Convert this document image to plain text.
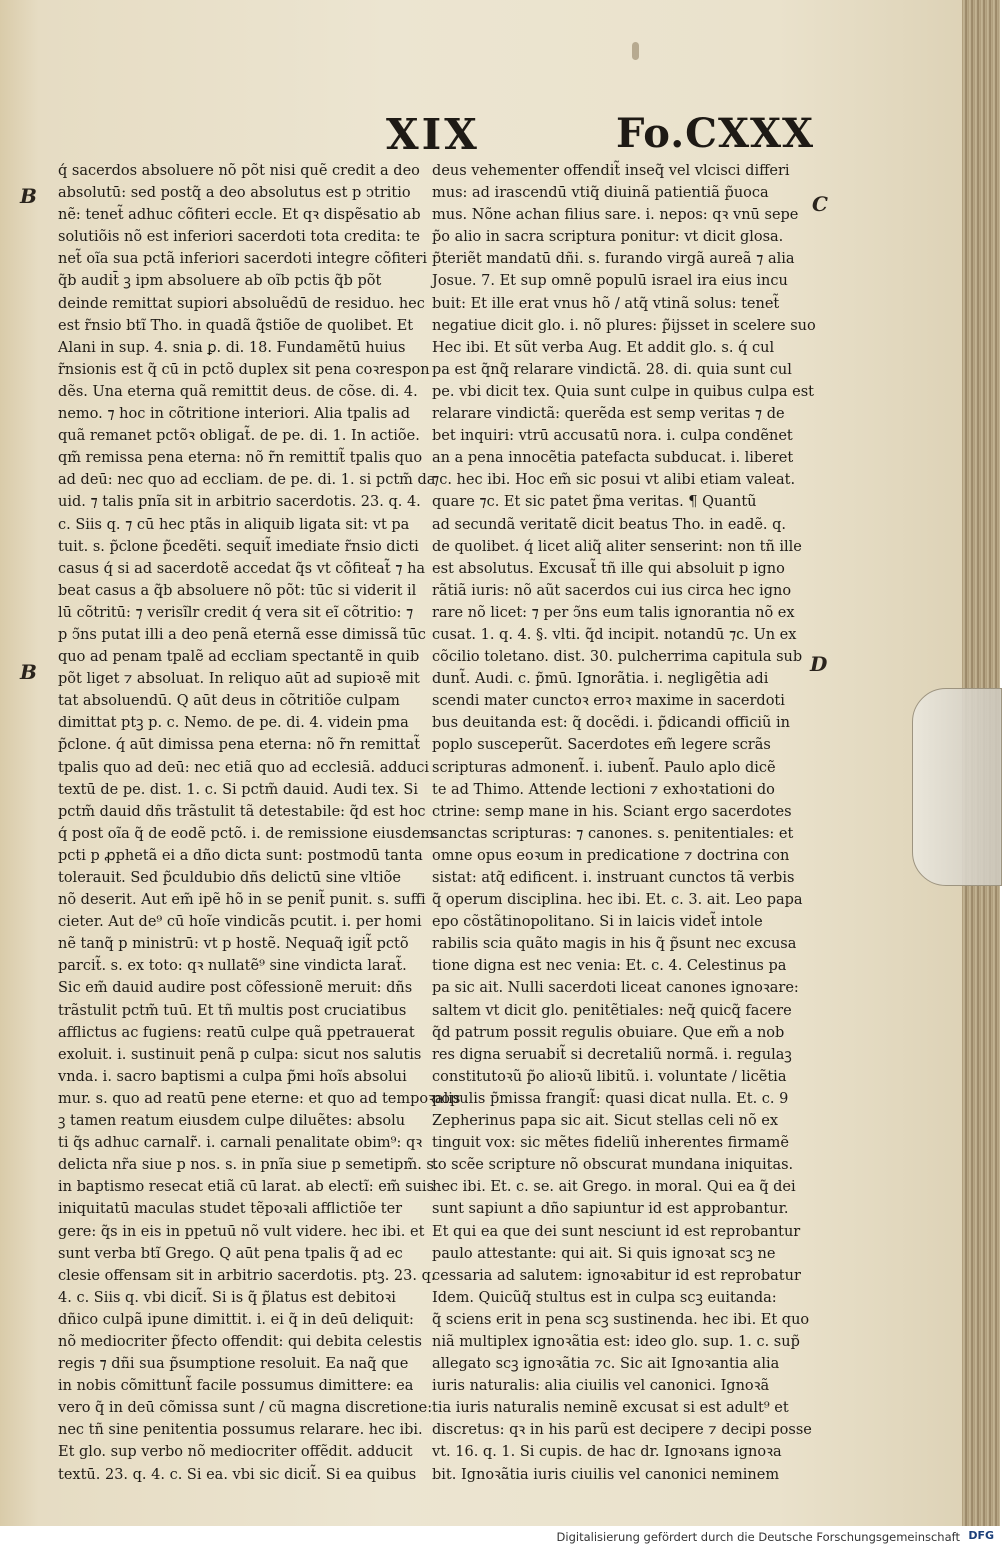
XIX	Fo.CXXX
B
B
C
D
q́ sacerdos absoluere nõ põt nisi quẽ credit a deo
absolutū: sed postq̃ a deo absolutus est p ↄtritio
nẽ: tenet̃ adhuc cõfiteri eccle. Et qꝛ dispẽsatio ab
solutiõis nõ est inferiori sacerdoti tota credita: te
net̃ oĩa sua pctã inferiori sacerdoti integre cõfiteri
q̃b audit̄ ꝫ ipm absoluere ab oĩb pctis q̃b põt
deinde remittat supiori absoluẽdū de residuo. hec
est r̃nsio btĩ Tho. in quadã q̃stiõe de quolibet. Et
Alani in sup. 4. snia ꝑ. di. 18. Fundamẽtū huius
r̃nsionis est q̃ cū in pctõ duplex sit pena coꝛrespon
dẽs. Una eterna quã remittit deus. de cõse. di. 4.
nemo. ⁊ hoc in cõtritione interiori. Alia tpalis ad
quã remanet pctõꝛ obligat̃. de pe. di. 1. In actiõe.
qm̃ remissa pena eterna: nõ r̃n remittit̃ tpalis quo
ad deū: nec quo ad eccliam. de pe. di. 1. si pctm̃ da
uid. ⁊ talis pnĩa sit in arbitrio sacerdotis. 23. q. 4.
c. Siis q. ⁊ cū hec ptãs in aliquib ligata sit: vt pa
tuit. s. p̃clone p̃cedẽti. sequit̃ imediate r̃nsio dicti
casus q́ si ad sacerdotẽ accedat q̃s vt cõfiteat̃ ⁊ ha
beat casus a q̃b absoluere nõ põt: tūc si viderit il
lū cõtritū: ⁊ verisĩlr credit q́ vera sit eĩ cõtritio: ⁊
p ↄ̃ns putat illi a deo penã eternã esse dimissã tūc
quo ad penam tpalẽ ad eccliam spectantẽ in quib
põt liget ⁊ absoluat. In reliquo aūt ad supioꝛẽ mit
tat absoluendū. Q aūt deus in cõtritiõe culpam
dimittat ptꝫ p. c. Nemo. de pe. di. 4. videin pma
p̃clone. q́ aūt dimissa pena eterna: nõ r̃n remittat̃
tpalis quo ad deū: nec etiã quo ad ecclesiã. adduci
textū de pe. dist. 1. c. Si pctm̃ dauid. Audi tex. Si
pctm̃ dauid dñs trãstulit tã detestabile: q̃d est hoc
q́ post oĩa q̃ de eodẽ pctõ. i. de remissione eiusdem
pcti p ꝓphetã ei a dño dicta sunt: postmodū tanta
tolerauit. Sed p̃culdubio dñs delictū sine vltiõe
nõ deserit. Aut em̃ ipẽ hõ in se penit̃ punit. s. suffi
cieter. Aut de⁹ cū hoĩe vindicãs pcutit. i. per homi
nẽ tanq̃ p ministrū: vt p hostẽ. Nequaq̃ igit̃ pctõ
parcit̃. s. ex toto: qꝛ nullatẽ⁹ sine vindicta larat̃.
Sic em̃ dauid audire post cõfessionẽ meruit: dñs
trãstulit pctm̃ tuū. Et tñ multis post cruciatibus
afflictus ac fugiens: reatū culpe quã ppetrauerat
exoluit. i. sustinuit penã p culpa: sicut nos salutis
vnda. i. sacro baptismi a culpa p̃mi hoĩs absolui
mur. s. quo ad reatū pene eterne: et quo ad tempoꝛalis
ꝫ tamen reatum eiusdem culpe diluẽtes: absolu
ti q̃s adhuc carnalr̃. i. carnali penalitate obim⁹: qꝛ
delicta nr̃a siue p nos. s. in pnĩa siue p semetipm̃. s.
in baptismo resecat etiã cū larat. ab electĩ: em̃ suis
iniquitatū maculas studet tẽpoꝛali afflictiõe ter
gere: q̃s in eis in ppetuū nõ vult videre. hec ibi. et
sunt verba btĩ Grego. Q aūt pena tpalis q̃ ad ec
clesie offensam sit in arbitrio sacerdotis. ptꝫ. 23. q.
4. c. Siis q. vbi dicit̃. Si is q̃ p̃latus est debitoꝛi
dñico culpã ipune dimittit. i. ei q̃ in deū deliquit:
nõ mediocriter p̃fecto offendit: qui debita celestis
regis ⁊ dñi sua p̃sumptione resoluit. Ea naq̃ que
in nobis cõmittunt̃ facile possumus dimittere: ea
vero q̃ in deū cõmissa sunt / cũ magna discretione:
nec tñ sine penitentia possumus relarare. hec ibi.
Et glo. sup verbo nõ mediocriter offẽdit. adducit
textū. 23. q. 4. c. Si ea. vbi sic dicit̃. Si ea quibus
deus vehementer offendit̃ inseq̃ vel vlcisci differi
mus: ad irascendū vtiq̃ diuinã patientiã p̃uoca
mus. Nõne achan filius sare. i. nepos: qꝛ vnū sepe
p̃o alio in sacra scriptura ponitur: vt dicit glosa.
p̃teriẽt mandatū dñi. s. furando virgã aureã ⁊ alia
Josue. 7. Et sup omnẽ populū israel ira eius incu
buit: Et ille erat vnus hõ / atq̃ vtinã solus: tenet̃
negatiue dicit glo. i. nõ plures: p̃ijsset in scelere suo
Hec ibi. Et sũt verba Aug. Et addit glo. s. q́ cul
pa est q̃nq̃ relarare vindictã. 28. di. quia sunt cul
pe. vbi dicit tex. Quia sunt culpe in quibus culpa est
relarare vindictã: querẽda est semp veritas ⁊ de
bet inquiri: vtrū accusatū nora. i. culpa condẽnet
an a pena innocẽtia patefacta subducat. i. liberet
⁊c. hec ibi. Hoc em̃ sic posui vt alibi etiam valeat.
quare ⁊c. Et sic patet p̃ma veritas. ¶ Quantũ
ad secundã veritatẽ dicit beatus Tho. in eadẽ. q.
de quolibet. q́ licet aliq̃ aliter senserint: non tñ ille
est absolutus. Excusat̃ tñ ille qui absoluit p igno
rãtiã iuris: nõ aũt sacerdos cui ius circa hec igno
rare nõ licet: ⁊ per ↄ̃ns eum talis ignorantia nõ ex
cusat. 1. q. 4. §. vlti. q̃d incipit. notandū ⁊c. Un ex
cõcilio toletano. dist. 30. pulcherrima capitula sub
dunt̃. Audi. c. p̃mū. Ignorãtia. i. negligẽtia adi
scendi mater cunctoꝛ erroꝛ maxime in sacerdoti
bus deuitanda est: q̃ docẽdi. i. p̃dicandi officiũ in
poplo susceperũt. Sacerdotes em̃ legere scrãs
scripturas admonent̃. i. iubent̃. Paulo aplo dicẽ
te ad Thimo. Attende lectioni ⁊ exhoꝛtationi do
ctrine: semp mane in his. Sciant ergo sacerdotes
sanctas scripturas: ⁊ canones. s. penitentiales: et
omne opus eoꝛum in predicatione ⁊ doctrina con
sistat: atq̃ edificent. i. instruant cunctos tã verbis
q̃ operum disciplina. hec ibi. Et. c. 3. ait. Leo papa
epo cõstãtinopolitano. Si in laicis videt̃ intole
rabilis scia quãto magis in his q̃ p̃sunt nec excusa
tione digna est nec venia: Et. c. 4. Celestinus pa
pa sic ait. Nulli sacerdoti liceat canones ignoꝛare:
saltem vt dicit glo. penitẽtiales: neq̃ quicq̃ facere
q̃d patrum possit regulis obuiare. Que em̃ a nob
res digna seruabit̃ si decretaliũ normã. i. regulaꝫ
constitutoꝛũ p̃o alioꝛũ libitũ. i. voluntate / licẽtia
populis p̃missa frangit̃: quasi dicat nulla. Et. c. 9
Zepherinus papa sic ait. Sicut stellas celi nõ ex
tinguit vox: sic mẽtes fideliũ inherentes firmamẽ
to scẽe scripture nõ obscurat mundana iniquitas.
hec ibi. Et. c. se. ait Grego. in moral. Qui ea q̃ dei
sunt sapiunt a dño sapiuntur id est approbantur.
Et qui ea que dei sunt nesciunt id est reprobantur
paulo attestante: qui ait. Si quis ignoꝛat scꝫ ne
cessaria ad salutem: ignoꝛabitur id est reprobatur
Idem. Quicũq̃ stultus est in culpa scꝫ euitanda:
q̃ sciens erit in pena scꝫ sustinenda. hec ibi. Et quo
niã multiplex ignoꝛãtia est: ideo glo. sup. 1. c. sup̃
allegato scꝫ ignoꝛãtia ⁊c. Sic ait Ignoꝛantia alia
iuris naturalis: alia ciuilis vel canonici. Ignoꝛã
tia iuris naturalis neminẽ excusat si est adult⁹ et
discretus: qꝛ in his parũ est decipere ⁊ decipi posse
vt. 16. q. 1. Si cupis. de hac dr. Ignoꝛans ignoꝛa
bit. Ignoꝛãtia iuris ciuilis vel canonici neminem
Digitalisierung gefördert durch die Deutsche Forschungsgemeinschaft DFG
